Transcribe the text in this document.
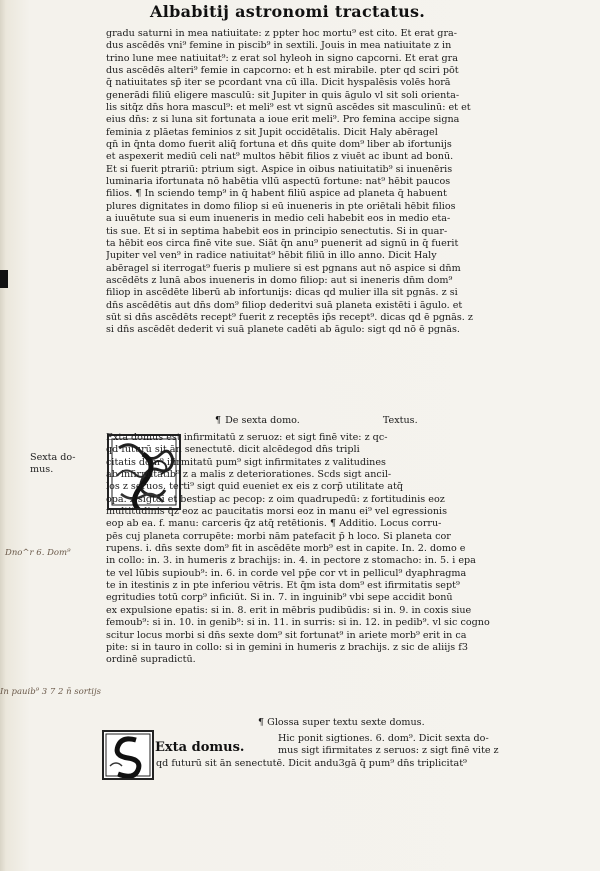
Albabitij astronomi tractatus.
gradu saturni in mea natiuitate: z ppter hoc mortu⁹ est cito. Et erat gra-
dus ascēdēs vni⁹ femine in piscib⁹ in sextili. Jouis in mea natiuitate z in
trino lune mee natiuitat⁹: z erat sol hyleoh in signo capcorni. Et erat gra
dus ascēdēs alteri⁹ femie in capcorno: et h̄ est mirabile. pter qd̄ sciri pōt
q̄ natiuitates sp̄ iter se pcordant vna cū illa. Dicit hyspalēsis volēs horā
generādi filiū eligere masculū: sit Jupiter in quis āgulo vl̄ sit soli orienta-
lis sitq̄z dn̄s hora mascul⁹: et meli⁹ est vt signū ascēdes sit masculinū: et et
eius dn̄s: z si luna sit fortunata a ioue erit meli⁹. Pro femina accipe signa
feminia z plāetas feminios z sit Jupit occidētalis. Dicit Haly abēragel
qn̄ in q̄nta domo fuerit aliq̄ fortuna et dn̄s quite dom⁹ liber ab ifortunijs
et aspexerit mediū celi nat⁹ multos hēbit filios z viuēt ac ibunt ad bonū.
Et si fuerit ptrariū: ptrium sigt. Aspice in oibus natiuitatib⁹ si inuenēris
luminaria ifortunata nō habētia vllū aspectū fortune: nat⁹ hēbit paucos
filios. ¶ In sciendo temp⁹ in q̄ habent filiū aspice ad planeta q̄ habuent
plures dignitates in domo filiop si eū inueneris in pte oriētali hēbit filios
a iuuētute sua si eum inueneris in medio celi habebit eos in medio eta-
tis sue. Et si in septima habebit eos in principio senectutis. Si in quar-
ta hēbit eos circa finē vite sue. Siāt q̄n anu⁹ puenerit ad signū in q̄ fuerit
Jupiter vel ven⁹ in radice natiuitat⁹ hēbit filiū in illo anno. Dicit Haly
abēragel si iterrogat⁹ fueris p muliere si est pgnans aut nō aspice si dn̄m
ascēdēts z lunā abos inueneris in domo filiop: aut si ineneris dn̄m dom⁹
filiop in ascēdēte liberū ab infortunijs: dicas qd̄ mulier illa sit pgnās. z si
dn̄s ascēdētis aut dn̄s dom⁹ filiop dederitvi suā planeta existēti i āgulo. et
sūt si dn̄s ascēdēts recept⁹ fuerit z receptēs ip̄s recept⁹. dicas qd̄ ē pgnās. z
si dn̄s ascēdēt dederit vi suā planete cadēti ab āgulo: sigt qd̄ nō ē pgnās.
¶ De sexta domo.	Textus.
Sexta do- mus.
Exta domus est infirmitatū z seruoz: et sigt finē vite: z qc-
qd̄ futurū sit ān senectutē. dicit alcēdegod dn̄s tripli
citatis dom⁹ ifirmitatū pum⁹ sigt infirmitates z valitudines
ab infirmitatib⁹ z a malis z deteriorationes. Scds sigt ancil-
los z seruos. terti⁹ sigt quid eueniet ex eis z corp̄ utilitate atq̄
opa. z sigtoi et bestiap ac pecop: z oim quadrupedū: z fortitudinis eoz
multitudinis q̄z eoz ac paucitatis morsi eoz in manu ei⁹ vel egressionis
eop ab ea. f. manu: carceris q̄z atq̄ retētionis. ¶ Additio. Locus corru-
pēs cuj planeta corrupēte: morbi nām patefacit p̄ h̄ loco. Si planeta cor
rupens. i. dn̄s sexte dom⁹ fit in ascēdēte morb⁹ est in capite. In. 2. domo e
in collo: in. 3. in humeris z brachijs: in. 4. in pectore z stomacho: in. 5. i epa
te vel lūbis supioub⁹: in. 6. in corde vel pp̄e cor vt in pellicul⁹ dyaphragma
te in itestinis z in pte inferiou vētris. Et q̄m ista dom⁹ est ifirmitatis sept⁹
egritudies totū corp⁹ inficiūt. Si in. 7. in inguinib⁹ vbi sepe accidit bonū
ex expulsione epatis: si in. 8. erit in mēbris pudibūdis: si in. 9. in coxis siue
femoub⁹: si in. 10. in genib⁹: si in. 11. in surris: si in. 12. in pedib⁹. vl̄ sic cogno
scitur locus morbi si dn̄s sexte dom⁹ sit fortunat⁹ in ariete morb⁹ erit in ca
pite: si in tauro in collo: si in gemini in humeris z brachijs. z sic de aliijs f3
ordinē supradictū.
Dno^r 6. Dom⁹
In pauib⁹ 3 7 2 n̄ sortijs
¶ Glossa super textu sexte domus.
Exta domus.
Hic ponit sigtiones. 6. dom⁹. Dicit sexta do-
mus sigt ifirmitates z seruos: z sigt finē vite z
qd̄ futurū sit ān senectutē. Dicit andu3gā q̄ pum⁹ dn̄s triplicitat⁹
